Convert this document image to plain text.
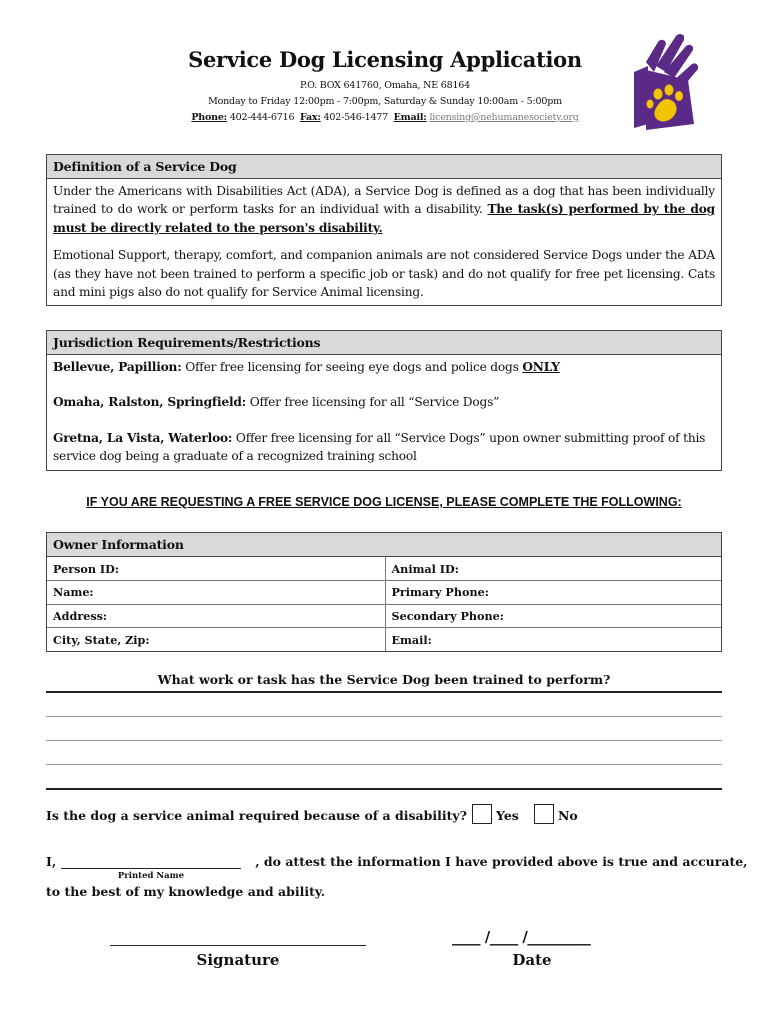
Service Dog Licensing Application
P.O. BOX 641760, Omaha, NE 68164
Monday to Friday 12:00pm - 7:00pm, Saturday & Sunday 10:00am - 5:00pm
Phone: 402-444-6716 Fax: 402-546-1477 Email: licensing@nehumanesociety.org
Definition of a Service Dog
Under the Americans with Disabilities Act (ADA), a Service Dog is defined as a dog that has been individually trained to do work or perform tasks for an individual with a disability. The task(s) performed by the dog must be directly related to the person's disability.
Emotional Support, therapy, comfort, and companion animals are not considered Service Dogs under the ADA (as they have not been trained to perform a specific job or task) and do not qualify for free pet licensing. Cats and mini pigs also do not qualify for Service Animal licensing.
Jurisdiction Requirements/Restrictions
Bellevue, Papillion: Offer free licensing for seeing eye dogs and police dogs ONLY
Omaha, Ralston, Springfield: Offer free licensing for all “Service Dogs”
Gretna, La Vista, Waterloo: Offer free licensing for all “Service Dogs” upon owner submitting proof of this service dog being a graduate of a recognized training school
IF YOU ARE REQUESTING A FREE SERVICE DOG LICENSE, PLEASE COMPLETE THE FOLLOWING:
Owner Information
Person ID:	Animal ID:
Name:	Primary Phone:
Address:	Secondary Phone:
City, State, Zip:	Email:
What work or task has the Service Dog been trained to perform?
Is the dog a service animal required because of a disability? Yes	No
I,	, do attest the information I have provided above is true and accurate,
Printed Name
to the best of my knowledge and ability.
Signature
____ /____ /_________
Date
